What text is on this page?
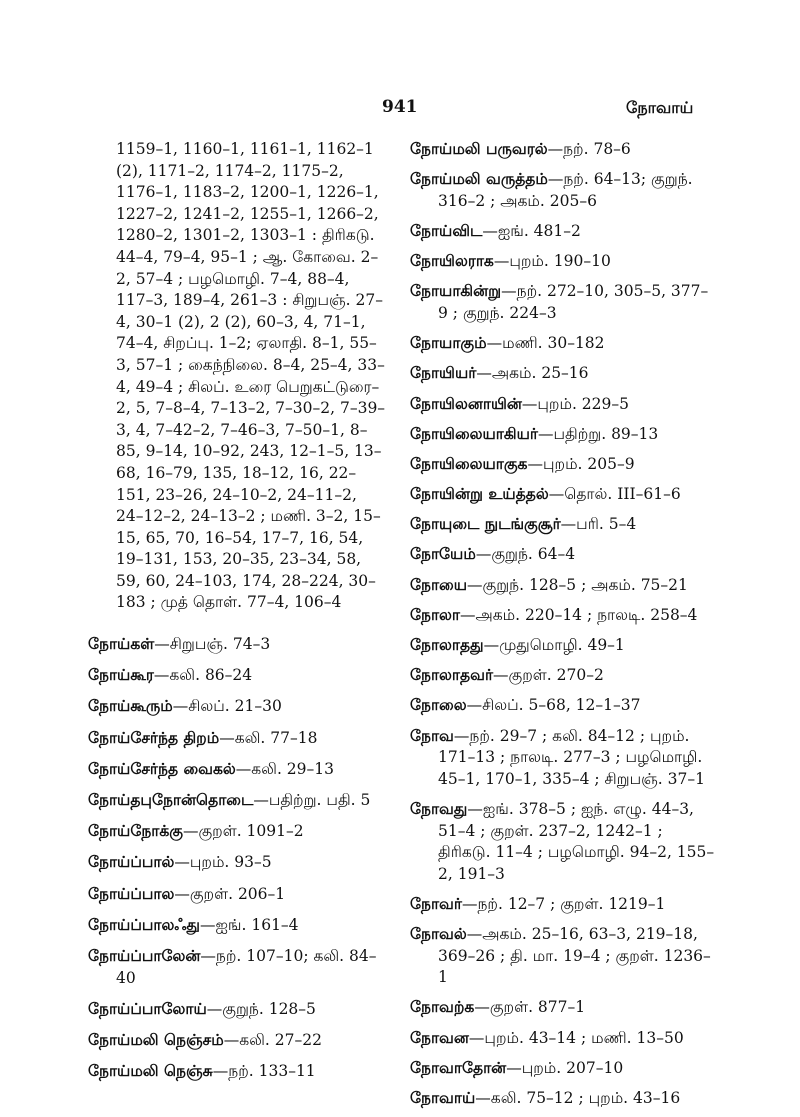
941	நோவாய்

1159–1, 1160–1, 1161–1, 1162–1 (2), 1171–2, 1174–2, 1175–2, 1176–1, 1183–2, 1200–1, 1226–1, 1227–2, 1241–2, 1255–1, 1266–2, 1280–2, 1301–2, 1303–1 : திரிகடு. 44–4, 79–4, 95–1 ; ஆ. கோவை. 2–2, 57–4 ; பழமொழி. 7–4, 88–4, 117–3, 189–4, 261–3 : சிறுபஞ். 27–4, 30–1 (2), 2 (2), 60–3, 4, 71–1, 74–4, சிறப்பு. 1–2; ஏலாதி. 8–1, 55–3, 57–1 ; கைந்நிலை. 8–4, 25–4, 33–4, 49–4 ; சிலப். உரை பெறுகட்டுரை–2, 5, 7–8–4, 7–13–2, 7–30–2, 7–39–3, 4, 7–42–2, 7–46–3, 7–50–1, 8–85, 9–14, 10–92, 243, 12–1–5, 13–68, 16–79, 135, 18–12, 16, 22–151, 23–26, 24–10–2, 24–11–2, 24–12–2, 24–13–2 ; மணி. 3–2, 15–15, 65, 70, 16–54, 17–7, 16, 54, 19–131, 153, 20–35, 23–34, 58, 59, 60, 24–103, 174, 28–224, 30–183 ; முத் தொள். 77–4, 106–4

நோய்கள்—சிறுபஞ். 74–3

நோய்கூர—கலி. 86–24

நோய்கூரும்—சிலப். 21–30

நோய்சேர்ந்த திறம்—கலி. 77–18

நோய்சேர்ந்த வைகல்—கலி. 29–13

நோய்தபுநோன்தொடை—பதிற்று. பதி. 5

நோய்நோக்கு—குறள். 1091–2

நோய்ப்பால்—புறம். 93–5

நோய்ப்பால—குறள். 206–1

நோய்ப்பாலஃது—ஐங். 161–4

நோய்ப்பாலேன்—நற். 107–10; கலி. 84–40

நோய்ப்பாலோய்—குறுந். 128–5

நோய்மலி நெஞ்சம்—கலி. 27–22

நோய்மலி நெஞ்சு—நற். 133–11

நோய்மலி பருவரல்—நற். 78–6

நோய்மலி வருத்தம்—நற். 64–13; குறுந். 316–2 ; அகம். 205–6

நோய்விட—ஐங். 481–2

நோயிலராக—புறம். 190–10

நோயாகின்று—நற். 272–10, 305–5, 377–9 ; குறுந். 224–3

நோயாகும்—மணி. 30–182

நோயியர்—அகம். 25–16

நோயிலனாயின்—புறம். 229–5

நோயிலையாகியர்—பதிற்று. 89–13

நோயிலையாகுக—புறம். 205–9

நோயின்று உய்த்தல்—தொல். III–61–6

நோயுடை நுடங்குசூர்—பரி. 5–4

நோயேம்—குறுந். 64–4

நோயை—குறுந். 128–5 ; அகம். 75–21

நோலா—அகம். 220–14 ; நாலடி. 258–4

நோலாதது—முதுமொழி. 49–1

நோலாதவர்—குறள். 270–2

நோலை—சிலப். 5–68, 12–1–37

நோவ—நற். 29–7 ; கலி. 84–12 ; புறம். 171–13 ; நாலடி. 277–3 ; பழமொழி. 45–1, 170–1, 335–4 ; சிறுபஞ். 37–1

நோவது—ஐங். 378–5 ; ஐந். எழு. 44–3, 51–4 ; குறள். 237–2, 1242–1 ; திரிகடு. 11–4 ; பழமொழி. 94–2, 155–2, 191–3

நோவர்—நற். 12–7 ; குறள். 1219–1

நோவல்—அகம். 25–16, 63–3, 219–18, 369–26 ; தி. மா. 19–4 ; குறள். 1236–1

நோவற்க—குறள். 877–1

நோவன—புறம். 43–14 ; மணி. 13–50

நோவாதோன்—புறம். 207–10

நோவாய்—கலி. 75–12 ; புறம். 43–16
